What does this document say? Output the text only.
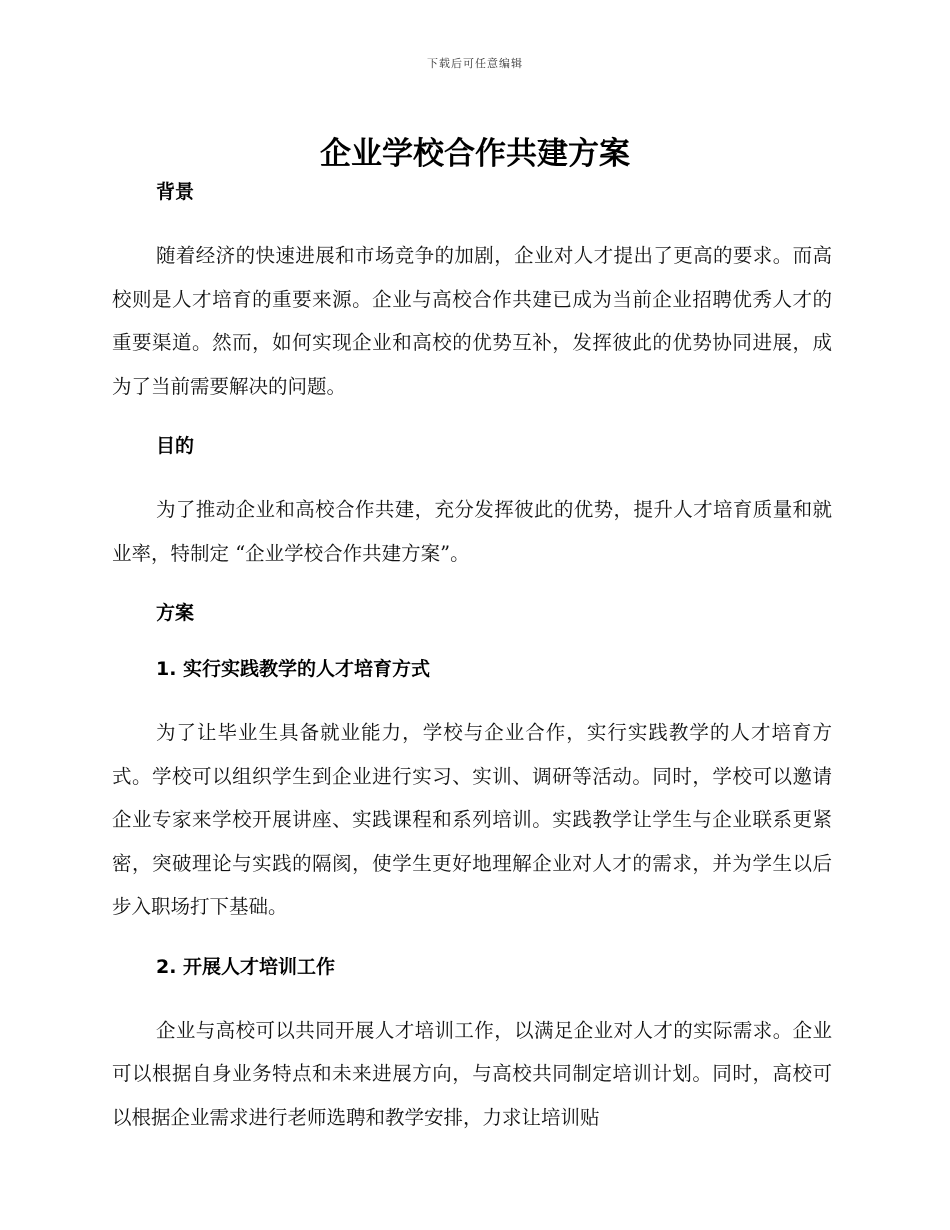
下载后可任意编辑
企业学校合作共建方案

背景

随着经济的快速进展和市场竞争的加剧，企业对人才提出了更高的要求。而高校则是人才培育的重要来源。企业与高校合作共建已成为当前企业招聘优秀人才的重要渠道。然而，如何实现企业和高校的优势互补，发挥彼此的优势协同进展，成为了当前需要解决的问题。

目的

为了推动企业和高校合作共建，充分发挥彼此的优势，提升人才培育质量和就业率，特制定 “企业学校合作共建方案”。

方案

1. 实行实践教学的人才培育方式

为了让毕业生具备就业能力，学校与企业合作，实行实践教学的人才培育方式。学校可以组织学生到企业进行实习、实训、调研等活动。同时，学校可以邀请企业专家来学校开展讲座、实践课程和系列培训。实践教学让学生与企业联系更紧密，突破理论与实践的隔阂，使学生更好地理解企业对人才的需求，并为学生以后步入职场打下基础。

2. 开展人才培训工作

企业与高校可以共同开展人才培训工作，以满足企业对人才的实际需求。企业可以根据自身业务特点和未来进展方向，与高校共同制定培训计划。同时，高校可以根据企业需求进行老师选聘和教学安排，力求让培训贴
